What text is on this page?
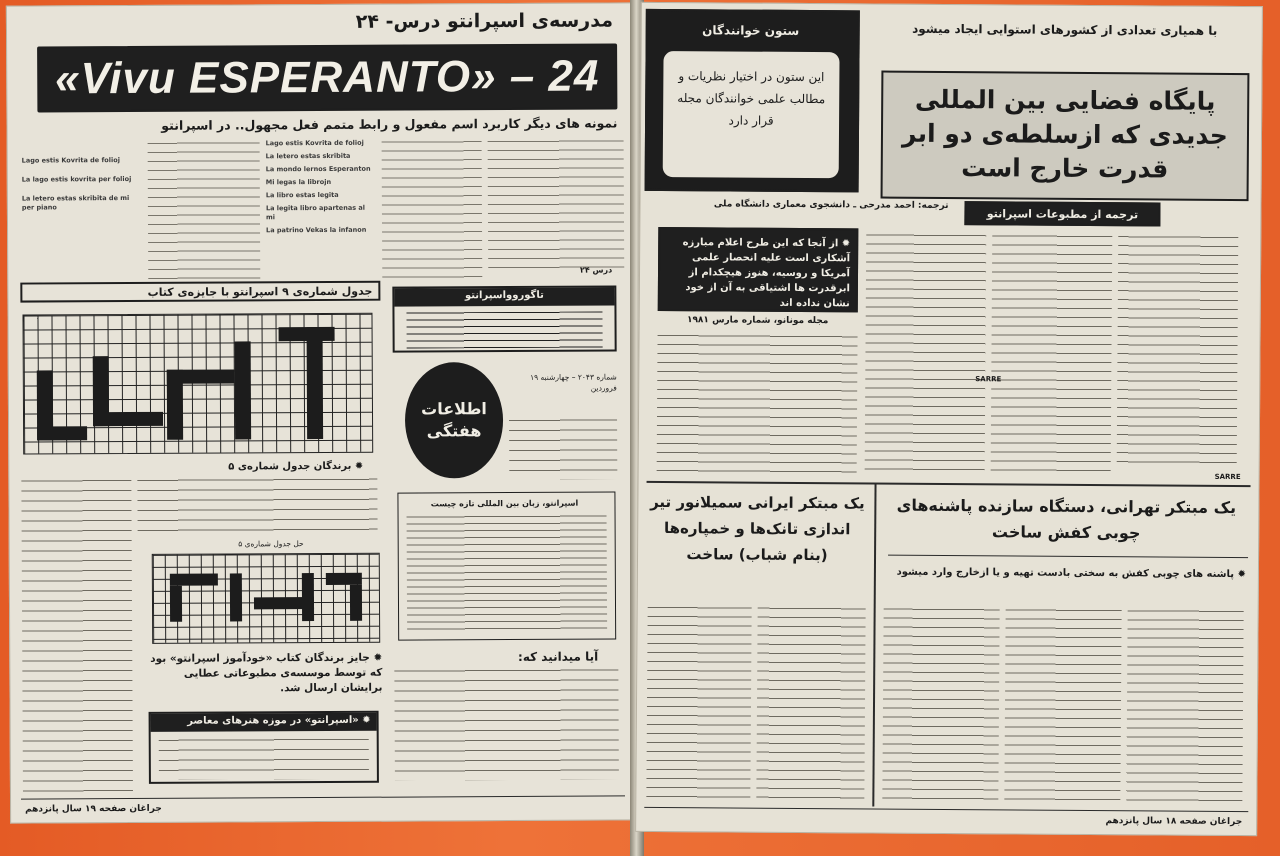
مدرسه‌ی اسپرانتو درس- ۲۴
«Vivu ESPERANTO» – 24
نمونه های دیگر کاربرد اسم مفعول و رابط متمم فعل مجهول.. در اسپرانتو
Lago estis Kovrita de folioj
La letero estas skribita
La mondo lernos Esperanton
Mi legas la librojn
La libro estas legita
La legita libro apartenas al mi
La patrino Vekas la infanon
Lago estis Kovrita de folioj
La lago estis kovrita per folioj
La letero estas skribita de mi per piano
درس ۲۴
جدول شماره‌ی ۹ اسپرانتو با جایزه‌ی کتاب
✹ برندگان جدول شماره‌ی ۵
حل جدول شماره‌ی ۵
✹ جایز برندگان کتاب «خودآموز اسپرانتو» بود که توسط موسسه‌ی مطبوعاتی عطایی برایشان ارسال شد.
✹ «اسپرانتو» در موزه هنرهای معاصر
تاگوروواسپرانتو
اطلاعات هفتگی
شماره ۲۰۴۳ – چهارشنبه ۱۹ فروردین
اسپرانتو، زبان بین المللی تازه چیست
آیا میدانید که:
جراغان صفحه ۱۹ سال پانزدهم
ستون خوانندگان
این ستون در اختیار نظریات و مطالب علمی خوانندگان مجله قرار دارد
با همیاری تعدادی از کشورهای استوایی ایجاد میشود
پایگاه فضایی بین المللی جدیدی که ازسلطه‌ی دو ابر قدرت خارج است
ترجمه: احمد مدرحی ـ دانشجوی معماری دانشگاه ملی
ترجمه از مطبوعات اسپرانتو
✹ از آنجا که این طرح اعلام مبارزه آشکاری است علیه انحصار علمی آمریکا و روسیه، هنوز هیچکدام از ابرقدرت ها اشتیاقی به آن از خود نشان نداده اند
مجله مونانو، شماره مارس ۱۹۸۱
SARRE
SARRE
یک مبتکر ایرانی سمیلانور تیر اندازی تانک‌ها و خمپاره‌ها (بنام شباب) ساخت
یک مبتکر تهرانی، دستگاه سازنده پاشنه‌های چوبی کفش ساخت
✹ پاشنه های چوبی کفش به سختی بادست تهیه و یا ازخارج وارد میشود
جراغان صفحه ۱۸ سال پانزدهم
